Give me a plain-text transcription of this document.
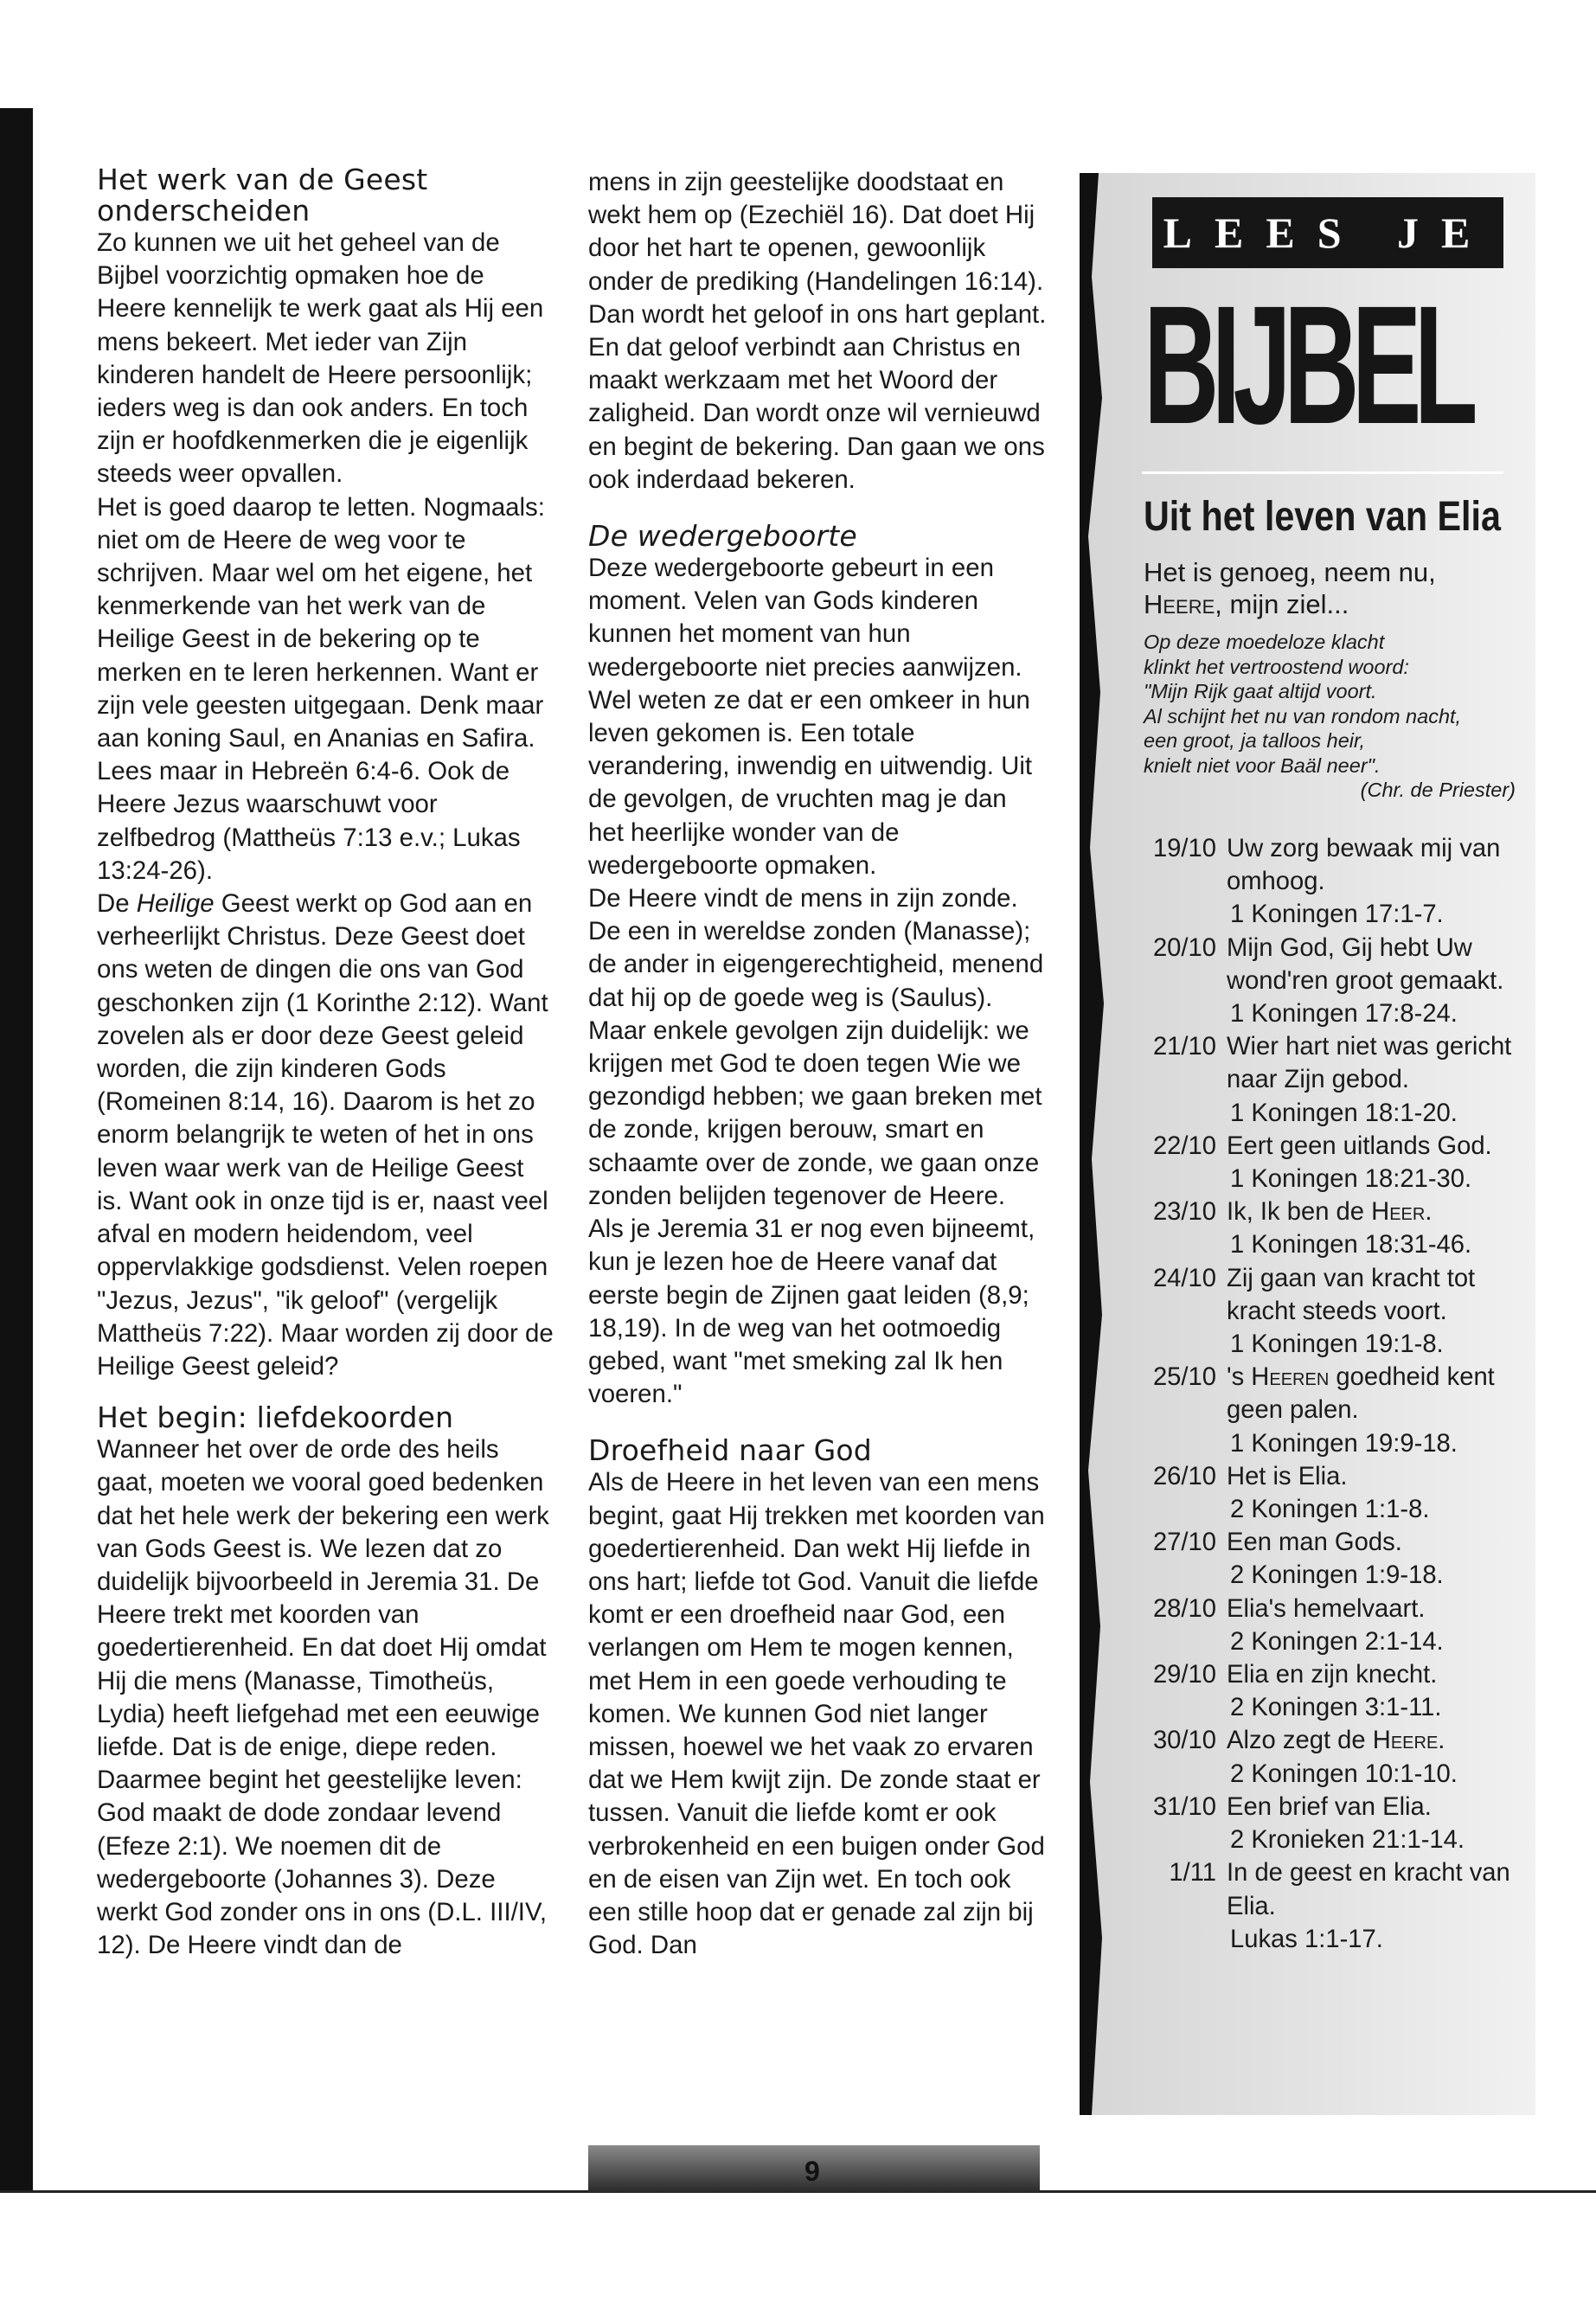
Het werk van de Geest onderscheiden

Zo kunnen we uit het geheel van de Bijbel voorzichtig opmaken hoe de Heere kennelijk te werk gaat als Hij een mens bekeert. Met ieder van Zijn kinderen handelt de Heere persoonlijk; ieders weg is dan ook anders. En toch zijn er hoofdkenmerken die je eigenlijk steeds weer opvallen.

Het is goed daarop te letten. Nogmaals: niet om de Heere de weg voor te schrijven. Maar wel om het eigene, het kenmerkende van het werk van de Heilige Geest in de bekering op te merken en te leren herkennen. Want er zijn vele geesten uitgegaan. Denk maar aan koning Saul, en Ananias en Safira. Lees maar in Hebreën 6:4-6. Ook de Heere Jezus waarschuwt voor zelfbedrog (Mattheüs 7:13 e.v.; Lukas 13:24-26).

De Heilige Geest werkt op God aan en verheerlijkt Christus. Deze Geest doet ons weten de dingen die ons van God geschonken zijn (1 Korinthe 2:12). Want zovelen als er door deze Geest geleid worden, die zijn kinderen Gods (Romeinen 8:14, 16). Daarom is het zo enorm belangrijk te weten of het in ons leven waar werk van de Heilige Geest is. Want ook in onze tijd is er, naast veel afval en modern heidendom, veel oppervlakkige godsdienst. Velen roepen "Jezus, Jezus", "ik geloof" (vergelijk Mattheüs 7:22). Maar worden zij door de Heilige Geest geleid?

Het begin: liefdekoorden

Wanneer het over de orde des heils gaat, moeten we vooral goed bedenken dat het hele werk der bekering een werk van Gods Geest is. We lezen dat zo duidelijk bijvoorbeeld in Jeremia 31. De Heere trekt met koorden van goedertierenheid. En dat doet Hij omdat Hij die mens (Manasse, Timotheüs, Lydia) heeft liefgehad met een eeuwige liefde. Dat is de enige, diepe reden. Daarmee begint het geestelijke leven: God maakt de dode zondaar levend (Efeze 2:1). We noemen dit de wedergeboorte (Johannes 3). Deze werkt God zonder ons in ons (D.L. III/IV, 12). De Heere vindt dan de

mens in zijn geestelijke doodstaat en wekt hem op (Ezechiël 16). Dat doet Hij door het hart te openen, gewoonlijk onder de prediking (Handelingen 16:14). Dan wordt het geloof in ons hart geplant. En dat geloof verbindt aan Christus en maakt werkzaam met het Woord der zaligheid. Dan wordt onze wil vernieuwd en begint de bekering. Dan gaan we ons ook inderdaad bekeren.

De wedergeboorte

Deze wedergeboorte gebeurt in een moment. Velen van Gods kinderen kunnen het moment van hun wedergeboorte niet precies aanwijzen. Wel weten ze dat er een omkeer in hun leven gekomen is. Een totale verandering, inwendig en uitwendig. Uit de gevolgen, de vruchten mag je dan het heerlijke wonder van de wedergeboorte opmaken.

De Heere vindt de mens in zijn zonde. De een in wereldse zonden (Manasse); de ander in eigengerechtigheid, menend dat hij op de goede weg is (Saulus). Maar enkele gevolgen zijn duidelijk: we krijgen met God te doen tegen Wie we gezondigd hebben; we gaan breken met de zonde, krijgen berouw, smart en schaamte over de zonde, we gaan onze zonden belijden tegenover de Heere.

Als je Jeremia 31 er nog even bijneemt, kun je lezen hoe de Heere vanaf dat eerste begin de Zijnen gaat leiden (8,9; 18,19). In de weg van het ootmoedig gebed, want "met smeking zal Ik hen voeren."

Droefheid naar God

Als de Heere in het leven van een mens begint, gaat Hij trekken met koorden van goedertierenheid. Dan wekt Hij liefde in ons hart; liefde tot God. Vanuit die liefde komt er een droefheid naar God, een verlangen om Hem te mogen kennen, met Hem in een goede verhouding te komen. We kunnen God niet langer missen, hoewel we het vaak zo ervaren dat we Hem kwijt zijn. De zonde staat er tussen. Vanuit die liefde komt er ook verbrokenheid en een buigen onder God en de eisen van Zijn wet. En toch ook een stille hoop dat er genade zal zijn bij God. Dan

LEES JE
BIJBEL
Uit het leven van Elia
Het is genoeg, neem nu,
Heere, mijn ziel...
Op deze moedeloze klacht
klinkt het vertroostend woord:
"Mijn Rijk gaat altijd voort.
Al schijnt het nu van rondom nacht,
een groot, ja talloos heir,
knielt niet voor Baäl neer".
(Chr. de Priester)
19/10 Uw zorg bewaak mij van omhoog.
1 Koningen 17:1-7.
20/10 Mijn God, Gij hebt Uw wond'ren groot gemaakt.
1 Koningen 17:8-24.
21/10 Wier hart niet was gericht naar Zijn gebod.
1 Koningen 18:1-20.
22/10 Eert geen uitlands God.
1 Koningen 18:21-30.
23/10 Ik, Ik ben de Heer.
1 Koningen 18:31-46.
24/10 Zij gaan van kracht tot kracht steeds voort.
1 Koningen 19:1-8.
25/10 's Heeren goedheid kent geen palen.
1 Koningen 19:9-18.
26/10 Het is Elia.
2 Koningen 1:1-8.
27/10 Een man Gods.
2 Koningen 1:9-18.
28/10 Elia's hemelvaart.
2 Koningen 2:1-14.
29/10 Elia en zijn knecht.
2 Koningen 3:1-11.
30/10 Alzo zegt de Heere.
2 Koningen 10:1-10.
31/10 Een brief van Elia.
2 Kronieken 21:1-14.
1/11 In de geest en kracht van Elia.
Lukas 1:1-17.
9
